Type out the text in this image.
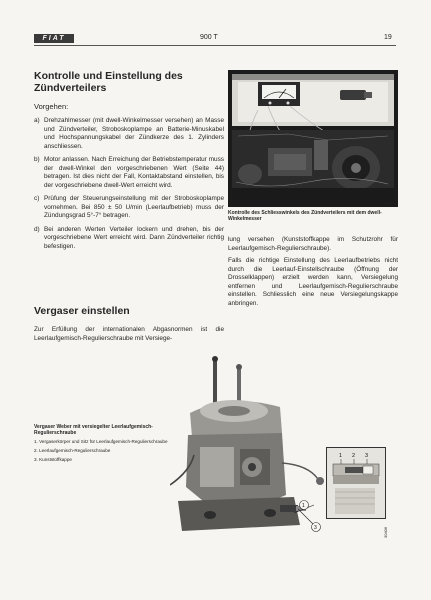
FIAT	900 T	19
Kontrolle und Einstellung des Zündverteilers
Vorgehen:
a) Drehzahlmesser (mit dwell-Winkelmesser versehen) an Masse und Zündverteiler, Stroboskoplampe an Batterie-Minuskabel und Hochspannungskabel der Zündkerze des 1. Zylinders anschliessen.
b) Motor anlassen. Nach Erreichung der Betriebstemperatur muss der dwell-Winkel den vorgeschriebenen Wert (Seite 44) betragen. Ist dies nicht der Fall, Kontaktabstand einstellen, bis der vorgeschriebene dwell-Wert erreicht wird.
c) Prüfung der Steuerungseinstellung mit der Stroboskoplampe vornehmen. Bei 850 ± 50 U/min (Leerlaufbetrieb) muss der Zündungsgrad 5°-7° betragen.
d) Bei anderen Werten Verteiler lockern und drehen, bis der vorgeschriebene Wert erreicht wird. Dann Zündverteiler richtig befestigen.
20803
Kontrolle des Schliesswinkels des Zündverteilers mit dem dwell-Winkelmesser
Vergaser einstellen
Zur Erfüllung der internationalen Abgasnormen ist die Leerlaufgemisch-Regulierschraube mit Versiege-

lung versehen (Kunststoffkappe im Schutzrohr für Leerlaufgemisch-Regulierschraube).

Falls die richtige Einstellung des Leerlaufbetriebs nicht durch die Leerlauf-Einstellschraube (Öffnung der Drosselklappen) erzielt werden kann, Versiegelung entfernen und Leerlaufgemisch-Regulierschraube einstellen. Schliesslich eine neue Versiegelungskappe anbringen.

1
3
Vergaser Weber mit versiegelter Leerlaufgemisch-Regulierschraube
1. Vergaserkörper und Sitz für Leerlaufgemisch-Regulierschraube
2. Leerlaufgemisch-Regulierschraube
3. Kunststoffkappe
1 2 3
30406
